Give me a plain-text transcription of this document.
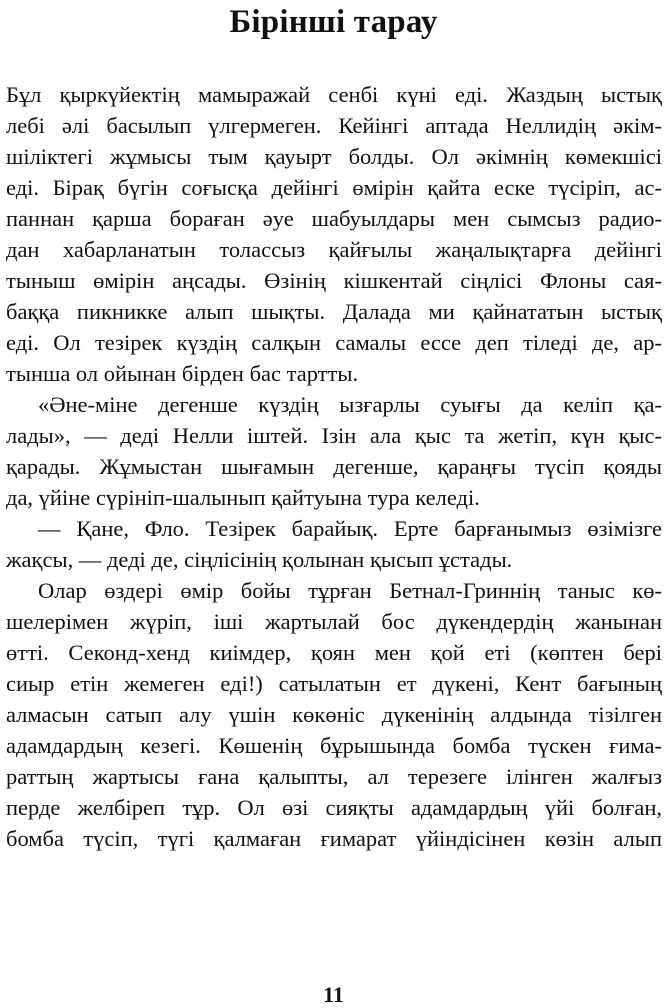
Бірінші тарау
Бұл қыркүйектің мамыражай сенбі күні еді. Жаздың ыстық
лебі әлі басылып үлгермеген. Кейінгі аптада Неллидің әкім-
шіліктегі жұмысы тым қауырт болды. Ол әкімнің көмекшісі
еді. Бірақ бүгін соғысқа дейінгі өмірін қайта еске түсіріп, ас-
паннан қарша бораған әуе шабуылдары мен сымсыз радио-
дан хабарланатын толассыз қайғылы жаңалықтарға дейінгі
тыныш өмірін аңсады. Өзінің кішкентай сіңлісі Флоны сая-
баққа пикникке алып шықты. Далада ми қайнататын ыстық
еді. Ол тезірек күздің салқын самалы ессе деп тіледі де, ар-
тынша ол ойынан бірден бас тартты.
«Әне-міне дегенше күздің ызғарлы суығы да келіп қа-
лады», — деді Нелли іштей. Ізін ала қыс та жетіп, күн қыс-
қарады. Жұмыстан шығамын дегенше, қараңғы түсіп қояды
да, үйіне сүрініп-шалынып қайтуына тура келеді.
— Қане, Фло. Тезірек барайық. Ерте барғанымыз өзімізге
жақсы, — деді де, сіңлісінің қолынан қысып ұстады.
Олар өздері өмір бойы тұрған Бетнал-Гриннің таныс кө-
шелерімен жүріп, іші жартылай бос дүкендердің жанынан
өтті. Секонд-хенд киімдер, қоян мен қой еті (көптен бері
сиыр етін жемеген еді!) сатылатын ет дүкені, Кент бағының
алмасын сатып алу үшін көкөніс дүкенінің алдында тізілген
адамдардың кезегі. Көшенің бұрышында бомба түскен ғима-
раттың жартысы ғана қалыпты, ал терезеге ілінген жалғыз
перде желбіреп тұр. Ол өзі сияқты адамдардың үйі болған,
бомба түсіп, түгі қалмаған ғимарат үйіндісінен көзін алып
11
